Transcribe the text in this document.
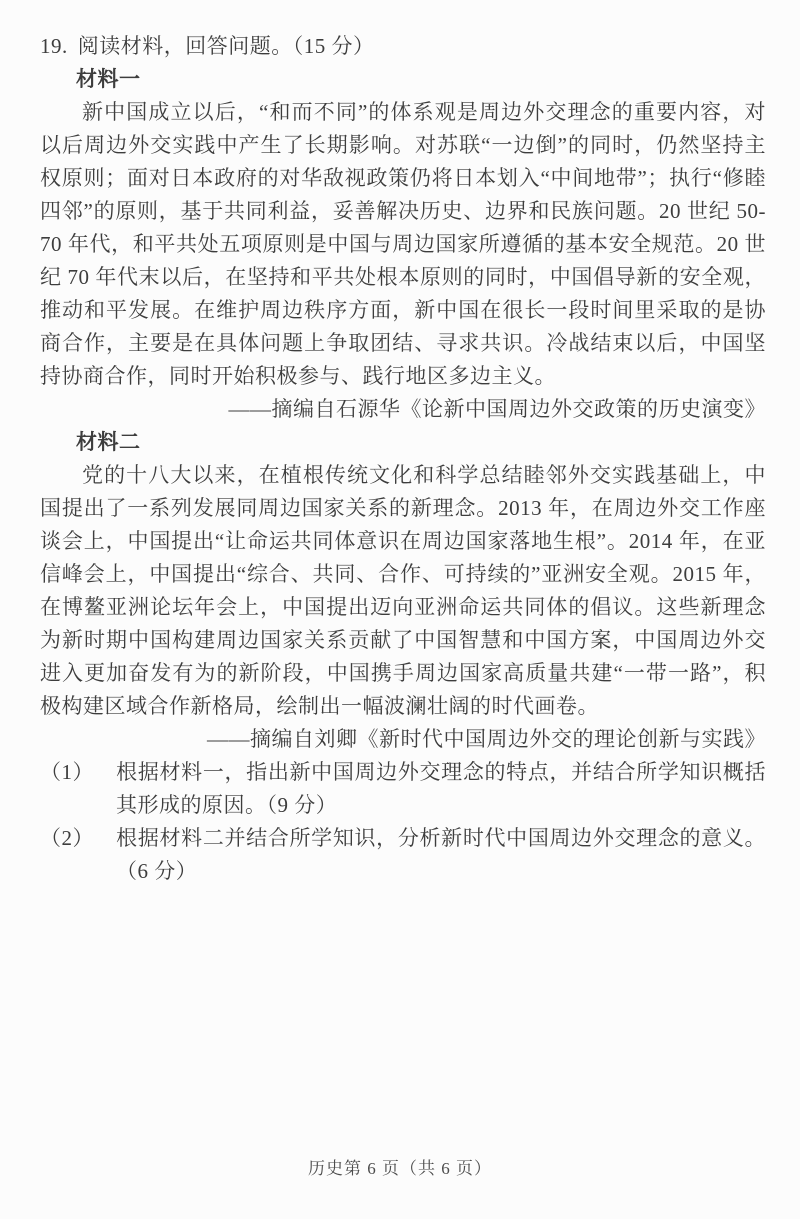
19. 阅读材料，回答问题。（15 分）
材料一

新中国成立以后，“和而不同”的体系观是周边外交理念的重要内容，对以后周边外交实践中产生了长期影响。对苏联“一边倒”的同时，仍然坚持主权原则；面对日本政府的对华敌视政策仍将日本划入“中间地带”；执行“修睦四邻”的原则，基于共同利益，妥善解决历史、边界和民族问题。20 世纪 50-70 年代，和平共处五项原则是中国与周边国家所遵循的基本安全规范。20 世纪 70 年代末以后，在坚持和平共处根本原则的同时，中国倡导新的安全观，推动和平发展。在维护周边秩序方面，新中国在很长一段时间里采取的是协商合作，主要是在具体问题上争取团结、寻求共识。冷战结束以后，中国坚持协商合作，同时开始积极参与、践行地区多边主义。

——摘编自石源华《论新中国周边外交政策的历史演变》
材料二

党的十八大以来，在植根传统文化和科学总结睦邻外交实践基础上，中国提出了一系列发展同周边国家关系的新理念。2013 年，在周边外交工作座谈会上，中国提出“让命运共同体意识在周边国家落地生根”。2014 年，在亚信峰会上，中国提出“综合、共同、合作、可持续的”亚洲安全观。2015 年，在博鳌亚洲论坛年会上，中国提出迈向亚洲命运共同体的倡议。这些新理念为新时期中国构建周边国家关系贡献了中国智慧和中国方案，中国周边外交进入更加奋发有为的新阶段，中国携手周边国家高质量共建“一带一路”，积极构建区域合作新格局，绘制出一幅波澜壮阔的时代画卷。

——摘编自刘卿《新时代中国周边外交的理论创新与实践》
（1） 根据材料一，指出新中国周边外交理念的特点，并结合所学知识概括其形成的原因。（9 分）
（2） 根据材料二并结合所学知识，分析新时代中国周边外交理念的意义。（6 分）
历史第 6 页（共 6 页）
